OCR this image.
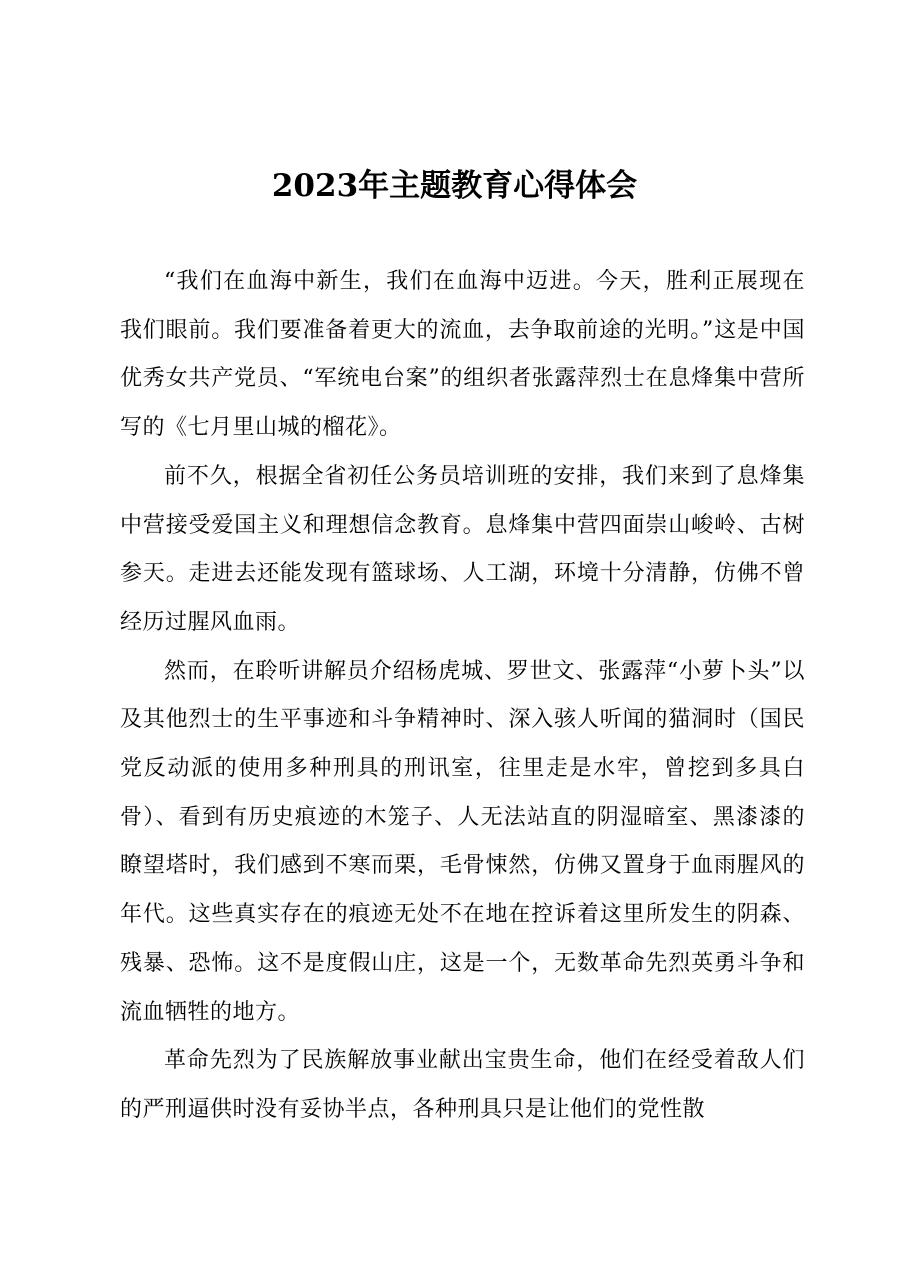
2023年主题教育心得体会

“我们在血海中新生，我们在血海中迈进。今天，胜利正展现在我们眼前。我们要准备着更大的流血，去争取前途的光明。”这是中国优秀女共产党员、“军统电台案”的组织者张露萍烈士在息烽集中营所写的《七月里山城的榴花》。

前不久，根据全省初任公务员培训班的安排，我们来到了息烽集中营接受爱国主义和理想信念教育。息烽集中营四面崇山峻岭、古树参天。走进去还能发现有篮球场、人工湖，环境十分清静，仿佛不曾经历过腥风血雨。

然而，在聆听讲解员介绍杨虎城、罗世文、张露萍“小萝卜头”以及其他烈士的生平事迹和斗争精神时、深入骇人听闻的猫洞时（国民党反动派的使用多种刑具的刑讯室，往里走是水牢，曾挖到多具白骨）、看到有历史痕迹的木笼子、人无法站直的阴湿暗室、黑漆漆的瞭望塔时，我们感到不寒而栗，毛骨悚然，仿佛又置身于血雨腥风的年代。这些真实存在的痕迹无处不在地在控诉着这里所发生的阴森、残暴、恐怖。这不是度假山庄，这是一个，无数革命先烈英勇斗争和流血牺牲的地方。

革命先烈为了民族解放事业献出宝贵生命，他们在经受着敌人们的严刑逼供时没有妥协半点，各种刑具只是让他们的党性散
